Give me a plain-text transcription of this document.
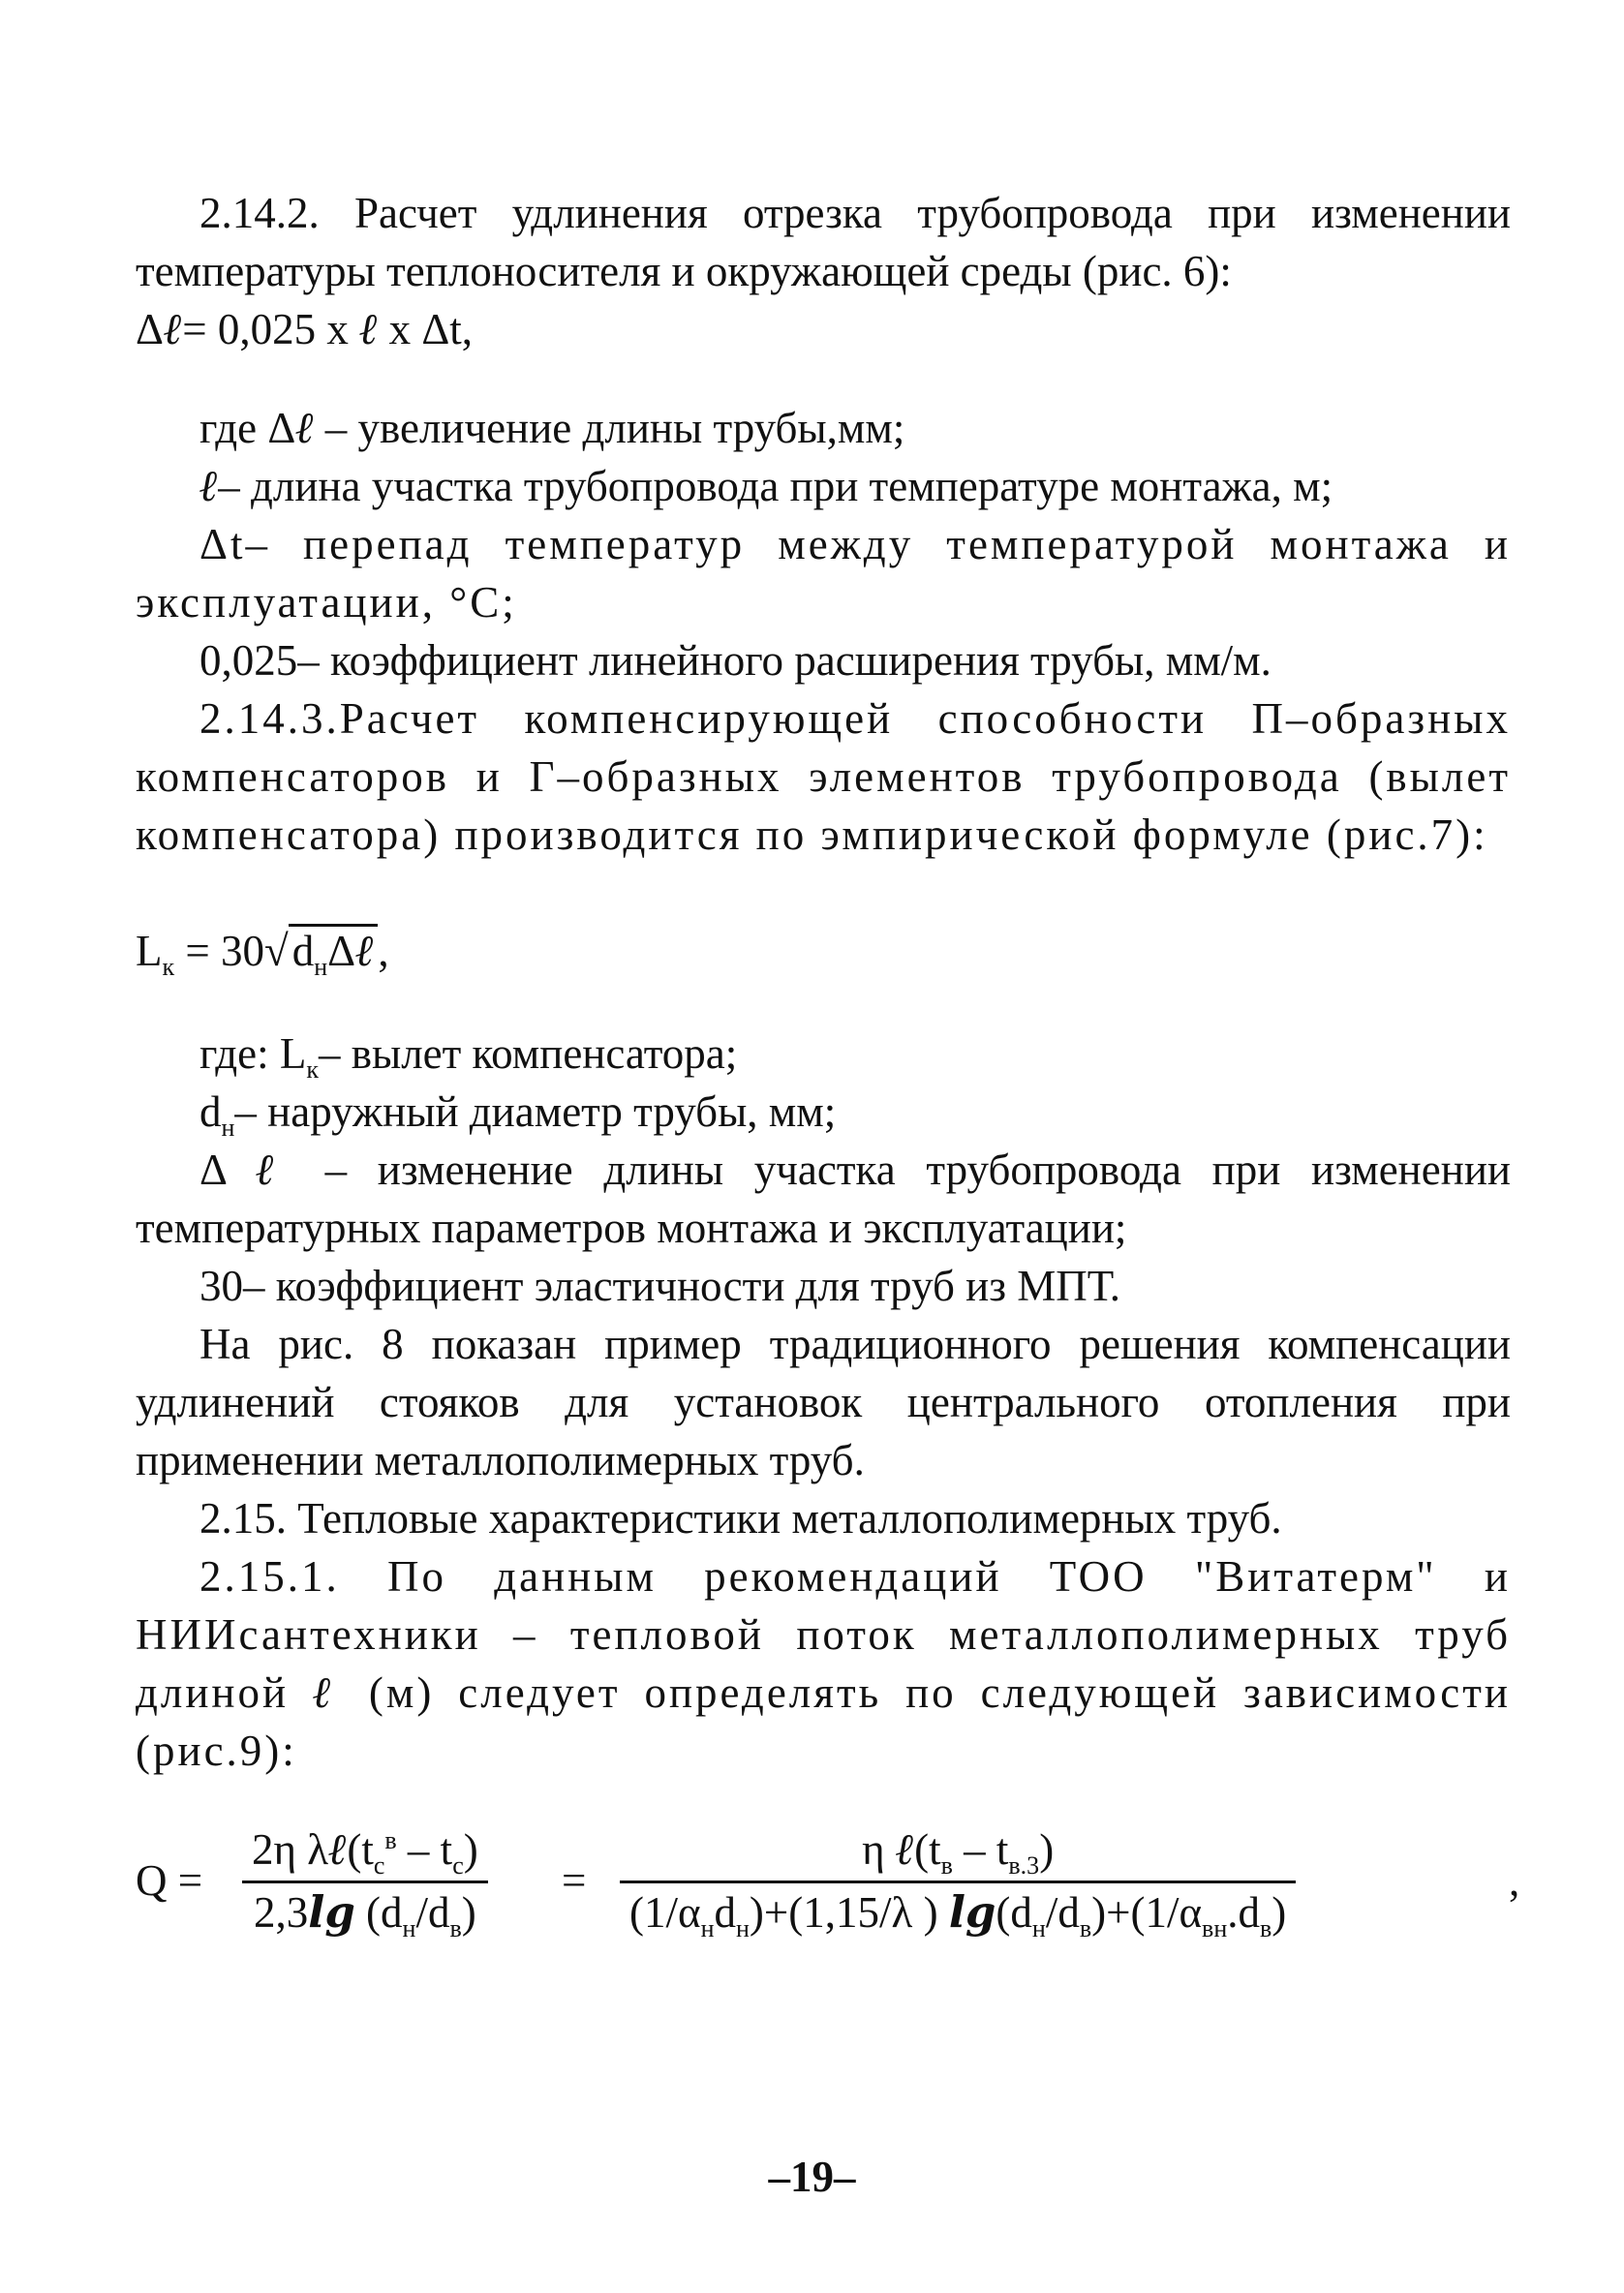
2.14.2. Расчет удлинения отрезка трубопровода при изменении температуры теплоносителя и окружающей среды (рис. 6):

Δℓ= 0,025 x ℓ x Δt,

где Δℓ – увеличение длины трубы,мм;

ℓ– длина участка трубопровода при температуре монтажа, м;

Δt– перепад температур между температурой монтажа и эксплуатации, °С;

0,025– коэффициент линейного расширения трубы, мм/м.

2.14.3.Расчет компенсирующей способности П–образных компенсаторов и Г–образных элементов трубопровода (вылет компенсатора) производится по эмпирической формуле (рис.7):

$L_к$ = $30√d_н\Delta\ell$,

где: $L_к-$ вылет компенсатора;

$d_н-$ наружный диаметр трубы, мм;

Δ ℓ – изменение длины участка трубопровода при изменении температурных параметров монтажа и эксплуатации;

30– коэффициент эластичности для труб из МПТ.

На рис. 8 показан пример традиционного решения компенсации удлинений стояков для установок центрального отопления при применении металлополимерных труб.

2.15. Тепловые характеристики металлополимерных труб.

2.15.1. По данным рекомендаций ТОО "Витатерм" и НИИсантехники – тепловой поток металлополимерных труб длиной ℓ (м) следует определять по следующей зависимости (рис.9):

Q =
2η $\lambda\ell(t_с^в - t_с)$
2,3lg $(d_н/d_в)$
=
η $\ell(t_в - t_{в.3})$
$(1/\alpha_нd_н)+(1,15/\lambda$ ) $\lg(d_н/d_в)+(1/\alpha_{вн}.d_в)$
,
–19–
